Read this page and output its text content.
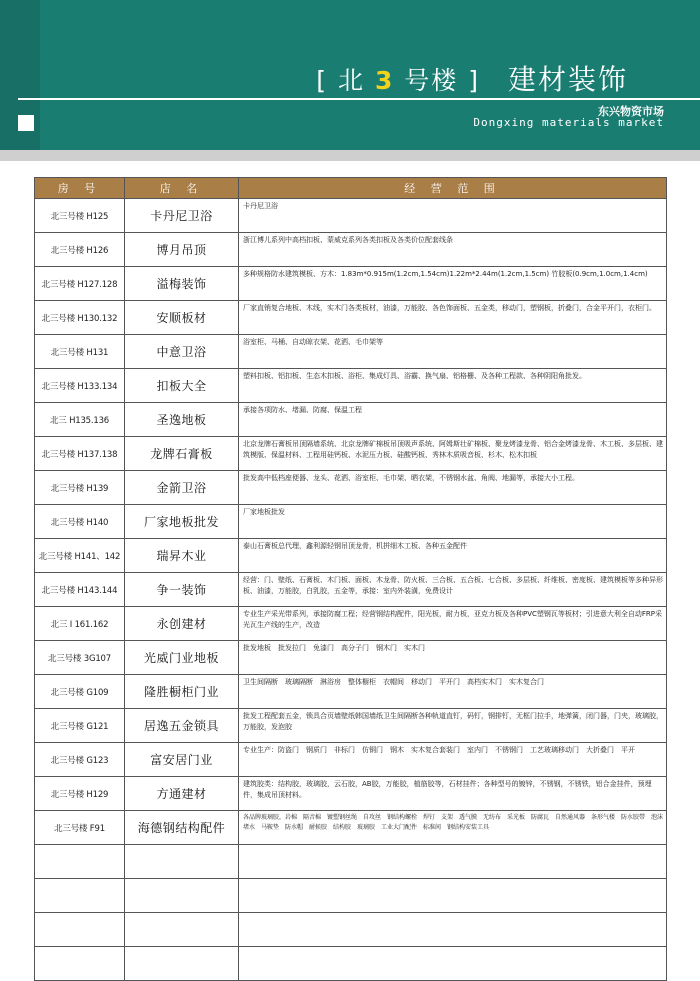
[ 北 3 号楼 ] 建材装饰
东兴物资市场
Dongxing materials market
房 号	店 名	经 营 范 围
北三号楼 H125	卡丹尼卫浴	卡丹尼卫浴
北三号楼 H126	博月吊顶	浙江博儿系列中高档扣板、蒙威克系列各类扣板及各类价位配套线条
北三号楼 H127.128	溢梅装饰	多种规格防水建筑模板、方木：1.83m*0.915m(1.2cm,1.54cm)1.22m*2.44m(1.2cm,1.5cm) 竹胶板(0.9cm,1.0cm,1.4cm)
北三号楼 H130.132	安顺板材	厂家直销复合地板、木线，实木门各类板材，油漆，万能胶、各色饰面板、五金类，移动门，塑钢板，折叠门，合金平开门，衣柜门。
北三号楼 H131	中意卫浴	浴室柜、马桶、自动晾衣架、花洒、毛巾架等
北三号楼 H133.134	扣板大全	塑料扣板、铝扣板、生态木扣板、浴柜、集成灯具、浴霸、换气扇、铝格栅、及各种工程款、各种阴阳角批发。
北三 H135.136	圣逸地板	承接各项防水、堵漏、防腐、保温工程
北三号楼 H137.138	龙牌石膏板	北京龙牌石膏板吊顶隔墙系统、北京龙牌矿棉板吊顶吸声系统、阿姆斯壮矿棉板、聚龙烤漆龙骨、铝合金烤漆龙骨、木工板、多层板、建筑模版、保温材料、工程用硅钙板、水泥压力板、硅酸钙板、秀林木质吸音板、杉木、松木扣板
北三号楼 H139	金箭卫浴	批发高中低档座便器、龙头、花洒、浴室柜、毛巾架、晒衣架，不锈钢水盆、角阀、地漏等，承接大小工程。
北三号楼 H140	厂家地板批发	厂家地板批发
北三号楼 H141、142	瑞昇木业	泰山石膏板总代理，鑫利源轻钢吊顶龙骨，机拼细木工板、各种五金配件
北三号楼 H143.144	争一装饰	经营：门、壁纸、石膏板、木门板、面板、木龙骨、防火板、三合板、五合板、七合板、多层板、纤维板、密度板、建筑模板等多种异形板、油漆，万能胶，白乳胶，五金等，承接：室内外装潢，免费设计
北三 I 161.162	永创建材	专业生产采光带系列，承接防腐工程；经营钢结构配件，阳光板，耐力板，亚克力板及各种PVC塑钢瓦等板材；引进意大利全自动FRP采光瓦生产线的生产，改造
北三号楼 3G107	光威门业地板	批发地板　批发拉门　免漆门　高分子门　钢木门　实木门
北三号楼 G109	隆胜橱柜门业	卫生间隔断　玻璃隔断　淋浴房　整体橱柜　衣帽间　移动门　平开门　高档实木门　实木复合门
北三号楼 G121	居逸五金锁具	批发工程配套五金，锁具合页墙壁纸韩国墙纸卫生间隔断各种轨道直钉，码钉，钢排钉，无框门拉手，地弹簧，闭门器，门夹，玻璃胶，万能胶，发泡胶
北三号楼 G123	富安居门业	专业生产：防盗门　钢质门　非标门　仿铜门　钢木　实木复合套装门　室内门　不锈钢门　工艺玻璃移动门　大折叠门　平开
北三号楼 H129	方通建材	建筑胶类：结构胶，玻璃胶，云石胶，AB胶，万能胶，植筋胶等，石材挂件；各种型号的镀锌，不锈钢，不锈铁，铝合金挂件，预埋件，集成吊顶材料。
北三号楼 F91	海德钢结构配件	各品牌玻璃胶，岩棉　隔音棉　镀塑钢丝绳　自攻丝　钢结构螺栓　焊钉　支架　透气膜　无纺布　采光板　防腐瓦　自然通风器　条形气楼　防水胶带　泡沫堵水　马鞍垫　防水帽　耐候胶　结构胶　玻璃胶　工业大门配件　标准间　钢结构安装工具
